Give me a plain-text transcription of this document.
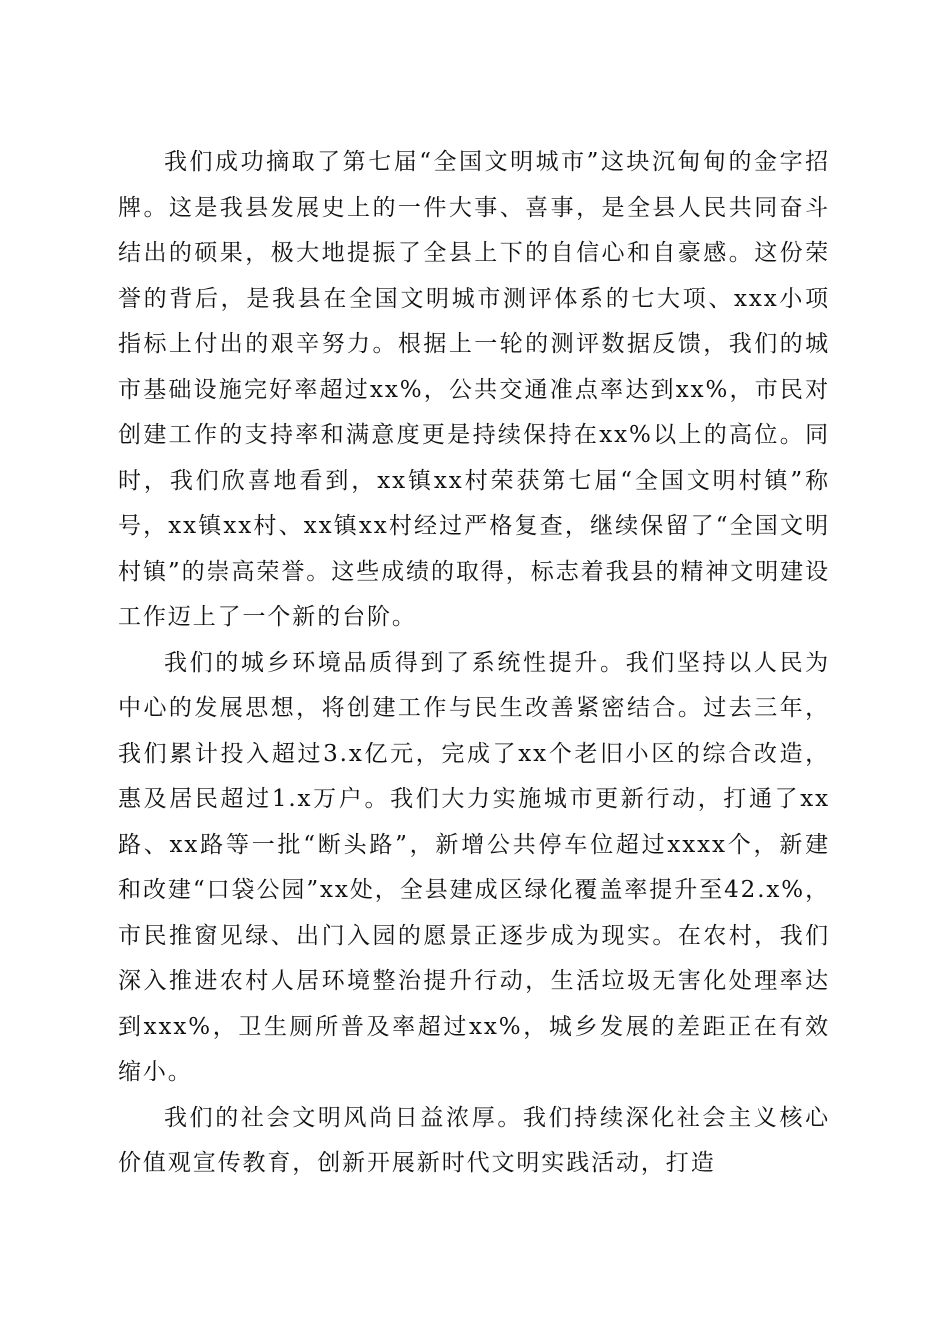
我们成功摘取了第七届“全国文明城市”这块沉甸甸的金字招牌。这是我县发展史上的一件大事、喜事，是全县人民共同奋斗结出的硕果，极大地提振了全县上下的自信心和自豪感。这份荣誉的背后，是我县在全国文明城市测评体系的七大项、xxx小项指标上付出的艰辛努力。根据上一轮的测评数据反馈，我们的城市基础设施完好率超过xx%，公共交通准点率达到xx%，市民对创建工作的支持率和满意度更是持续保持在xx%以上的高位。同时，我们欣喜地看到，xx镇xx村荣获第七届“全国文明村镇”称号，xx镇xx村、xx镇xx村经过严格复查，继续保留了“全国文明村镇”的崇高荣誉。这些成绩的取得，标志着我县的精神文明建设工作迈上了一个新的台阶。

我们的城乡环境品质得到了系统性提升。我们坚持以人民为中心的发展思想，将创建工作与民生改善紧密结合。过去三年，我们累计投入超过3.x亿元，完成了xx个老旧小区的综合改造，惠及居民超过1.x万户。我们大力实施城市更新行动，打通了xx路、xx路等一批“断头路”，新增公共停车位超过xxxx个，新建和改建“口袋公园”xx处，全县建成区绿化覆盖率提升至42.x%，市民推窗见绿、出门入园的愿景正逐步成为现实。在农村，我们深入推进农村人居环境整治提升行动，生活垃圾无害化处理率达到xxx%，卫生厕所普及率超过xx%，城乡发展的差距正在有效缩小。

我们的社会文明风尚日益浓厚。我们持续深化社会主义核心价值观宣传教育，创新开展新时代文明实践活动，打造
